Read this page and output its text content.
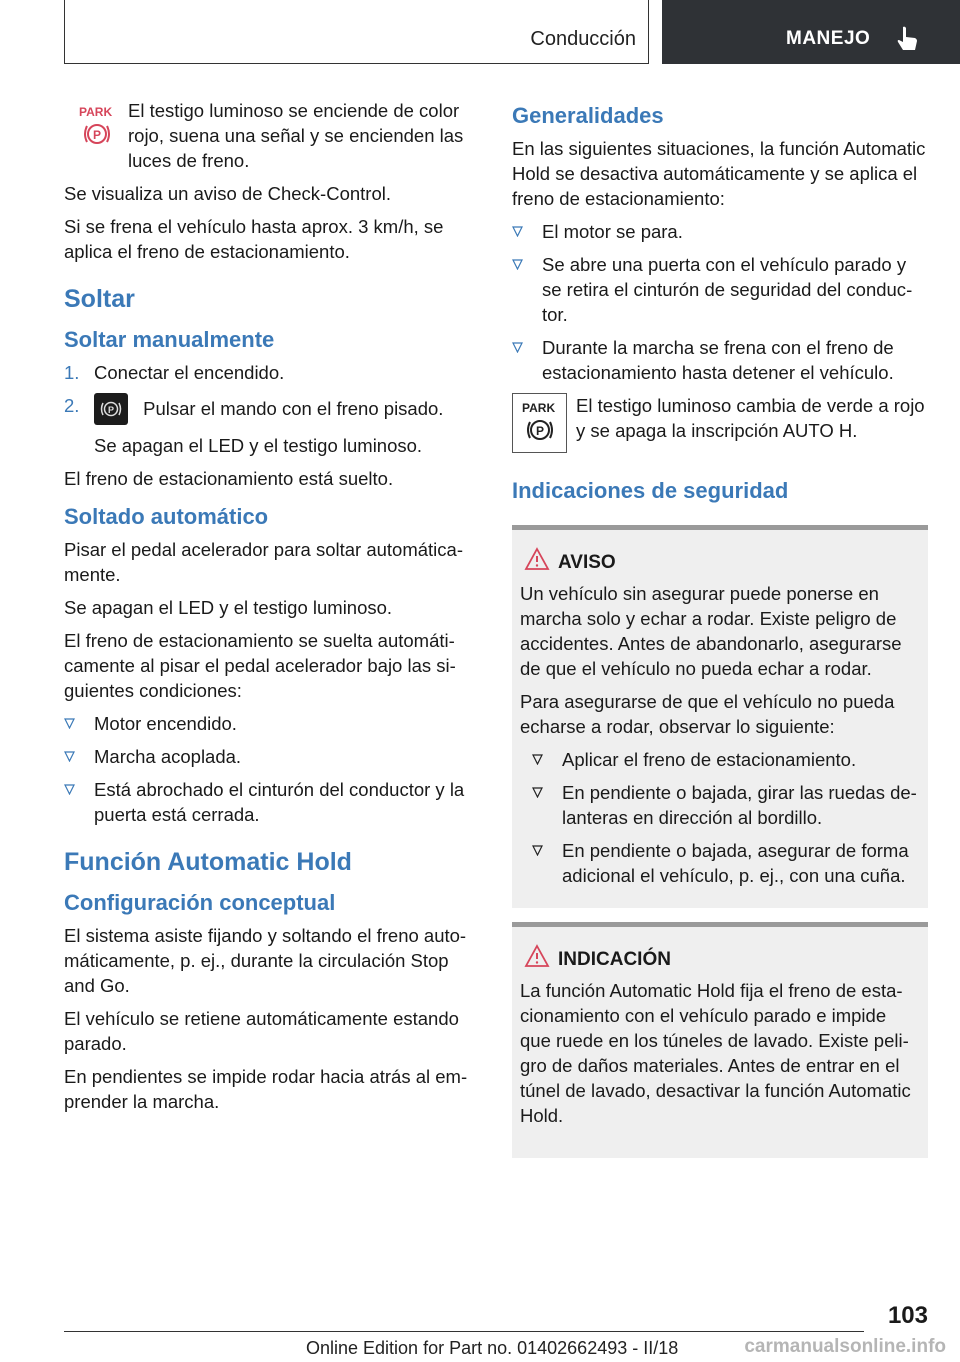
Conducción	MANEJO
PARK
P
El testigo luminoso se enciende de color rojo, suena una señal y se encienden las luces de freno.

Se visualiza un aviso de Check-Control.

Si se frena el vehículo hasta aprox. 3 km/h, se aplica el freno de estacionamiento.

Soltar
Soltar manualmente
1. Conectar el encendido.
2.	P Pulsar el mando con el freno pisado.
Se apagan el LED y el testigo luminoso.

El freno de estacionamiento está suelto.

Soltado automático

Pisar el pedal acelerador para soltar automáticamente.

Se apagan el LED y el testigo luminoso.

El freno de estacionamiento se suelta automáticamente al pisar el pedal acelerador bajo las siguientes condiciones:

Motor encendido.
Marcha acoplada.
Está abrochado el cinturón del conductor y la puerta está cerrada.
Función Automatic Hold
Configuración conceptual

El sistema asiste fijando y soltando el freno automáticamente, p. ej., durante la circulación Stop and Go.

El vehículo se retiene automáticamente estando parado.

En pendientes se impide rodar hacia atrás al emprender la marcha.

Generalidades

En las siguientes situaciones, la función Automatic Hold se desactiva automáticamente y se aplica el freno de estacionamiento:

El motor se para.
Se abre una puerta con el vehículo parado y se retira el cinturón de seguridad del conductor.
Durante la marcha se frena con el freno de estacionamiento hasta detener el vehículo.
PARK
P
El testigo luminoso cambia de verde a rojo y se apaga la inscripción AUTO H.
Indicaciones de seguridad
AVISO

Un vehículo sin asegurar puede ponerse en marcha solo y echar a rodar. Existe peligro de accidentes. Antes de abandonarlo, asegurarse de que el vehículo no pueda echar a rodar.

Para asegurarse de que el vehículo no pueda echarse a rodar, observar lo siguiente:

Aplicar el freno de estacionamiento.
En pendiente o bajada, girar las ruedas delanteras en dirección al bordillo.
En pendiente o bajada, asegurar de forma adicional el vehículo, p. ej., con una cuña.
INDICACIÓN

La función Automatic Hold fija el freno de estacionamiento con el vehículo parado e impide que ruede en los túneles de lavado. Existe peligro de daños materiales. Antes de entrar en el túnel de lavado, desactivar la función Automatic Hold.

103
Online Edition for Part no. 01402662493 - II/18	carmanualsonline.info
